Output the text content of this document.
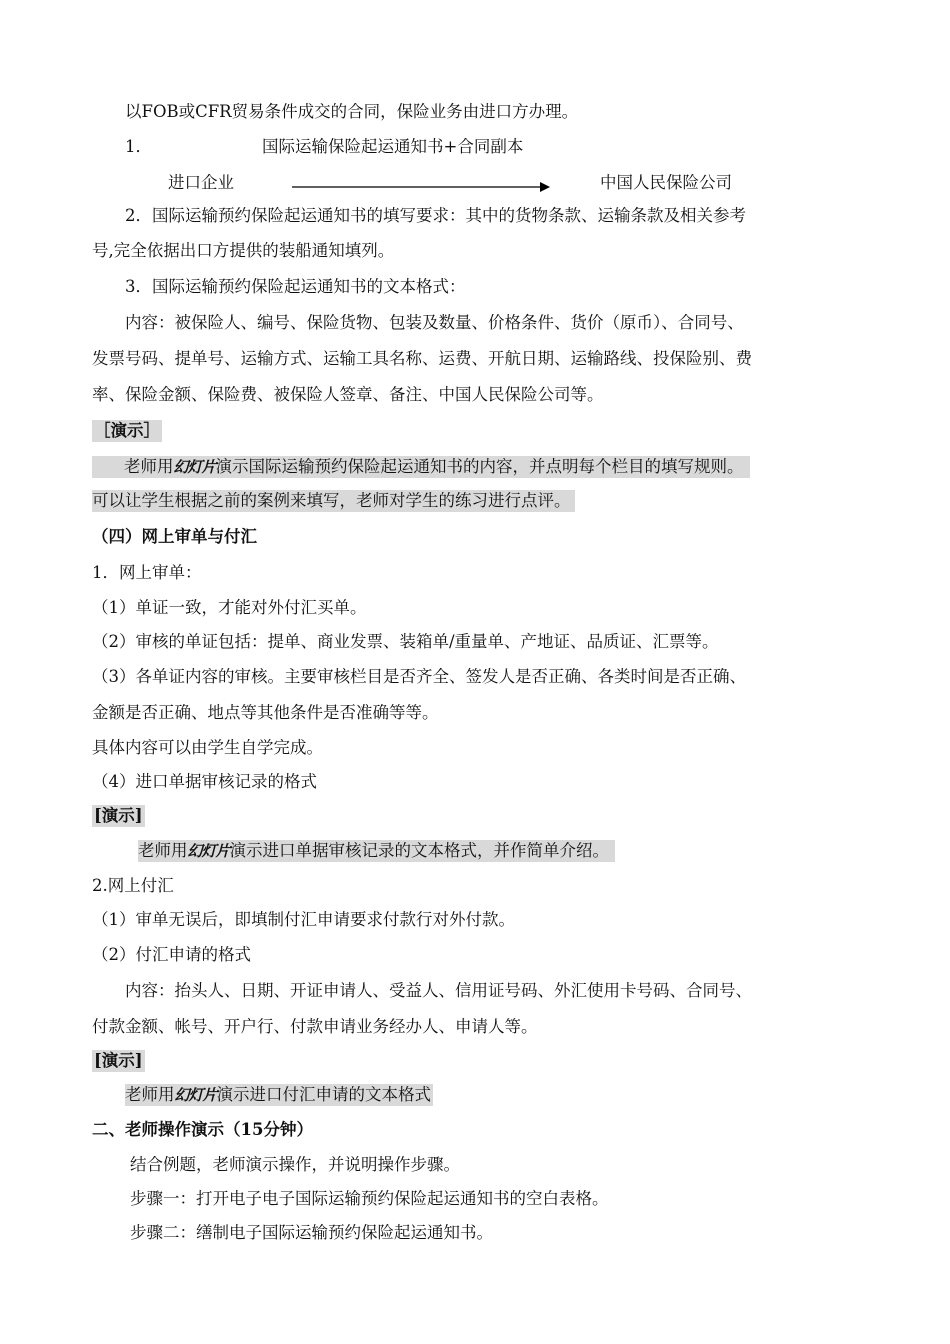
以FOB或CFR贸易条件成交的合同，保险业务由进口方办理。
1．	国际运输保险起运通知书+合同副本
进口企业	中国人民保险公司
2．国际运输预约保险起运通知书的填写要求：其中的货物条款、运输条款及相关参考
号,完全依据出口方提供的装船通知填列。
3．国际运输预约保险起运通知书的文本格式：
内容：被保险人、编号、保险货物、包装及数量、价格条件、货价（原币）、合同号、
发票号码、提单号、运输方式、运输工具名称、运费、开航日期、运输路线、投保险别、费
率、保险金额、保险费、被保险人签章、备注、中国人民保险公司等。
［演示］
老师用幻灯片演示国际运输预约保险起运通知书的内容，并点明每个栏目的填写规则。
可以让学生根据之前的案例来填写，老师对学生的练习进行点评。
（四）网上审单与付汇
1．网上审单：
（1）单证一致，才能对外付汇买单。
（2）审核的单证包括：提单、商业发票、装箱单/重量单、产地证、品质证、汇票等。
（3）各单证内容的审核。主要审核栏目是否齐全、签发人是否正确、各类时间是否正确、
金额是否正确、地点等其他条件是否准确等等。
具体内容可以由学生自学完成。
（4）进口单据审核记录的格式
[演示]
老师用幻灯片演示进口单据审核记录的文本格式，并作简单介绍。
2.网上付汇
（1）审单无误后，即填制付汇申请要求付款行对外付款。
（2）付汇申请的格式
内容：抬头人、日期、开证申请人、受益人、信用证号码、外汇使用卡号码、合同号、
付款金额、帐号、开户行、付款申请业务经办人、申请人等。
[演示]
老师用幻灯片演示进口付汇申请的文本格式
二、老师操作演示（15分钟）
结合例题，老师演示操作，并说明操作步骤。
步骤一：打开电子电子国际运输预约保险起运通知书的空白表格。
步骤二：缮制电子国际运输预约保险起运通知书。
